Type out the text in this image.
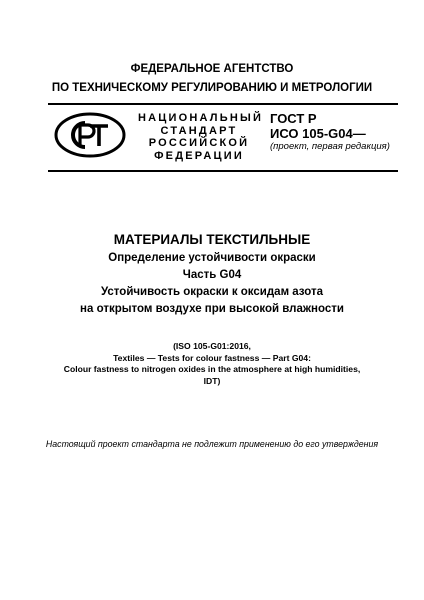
ФЕДЕРАЛЬНОЕ АГЕНТСТВО
ПО ТЕХНИЧЕСКОМУ РЕГУЛИРОВАНИЮ И МЕТРОЛОГИИ
НАЦИОНАЛЬНЫЙ
СТАНДАРТ
РОССИЙСКОЙ
ФЕДЕРАЦИИ
ГОСТ Р
ИСО 105-G04—
(проект, первая редакция)
МАТЕРИАЛЫ ТЕКСТИЛЬНЫЕ
Определение устойчивости окраски
Часть G04
Устойчивость окраски к оксидам азота
на открытом воздухе при высокой влажности
(ISO 105-G01:2016,
Textiles — Tests for colour fastness — Part G04:
Colour fastness to nitrogen oxides in the atmosphere at high humidities,
IDT)
Настоящий проект стандарта не подлежит применению до его утверждения
